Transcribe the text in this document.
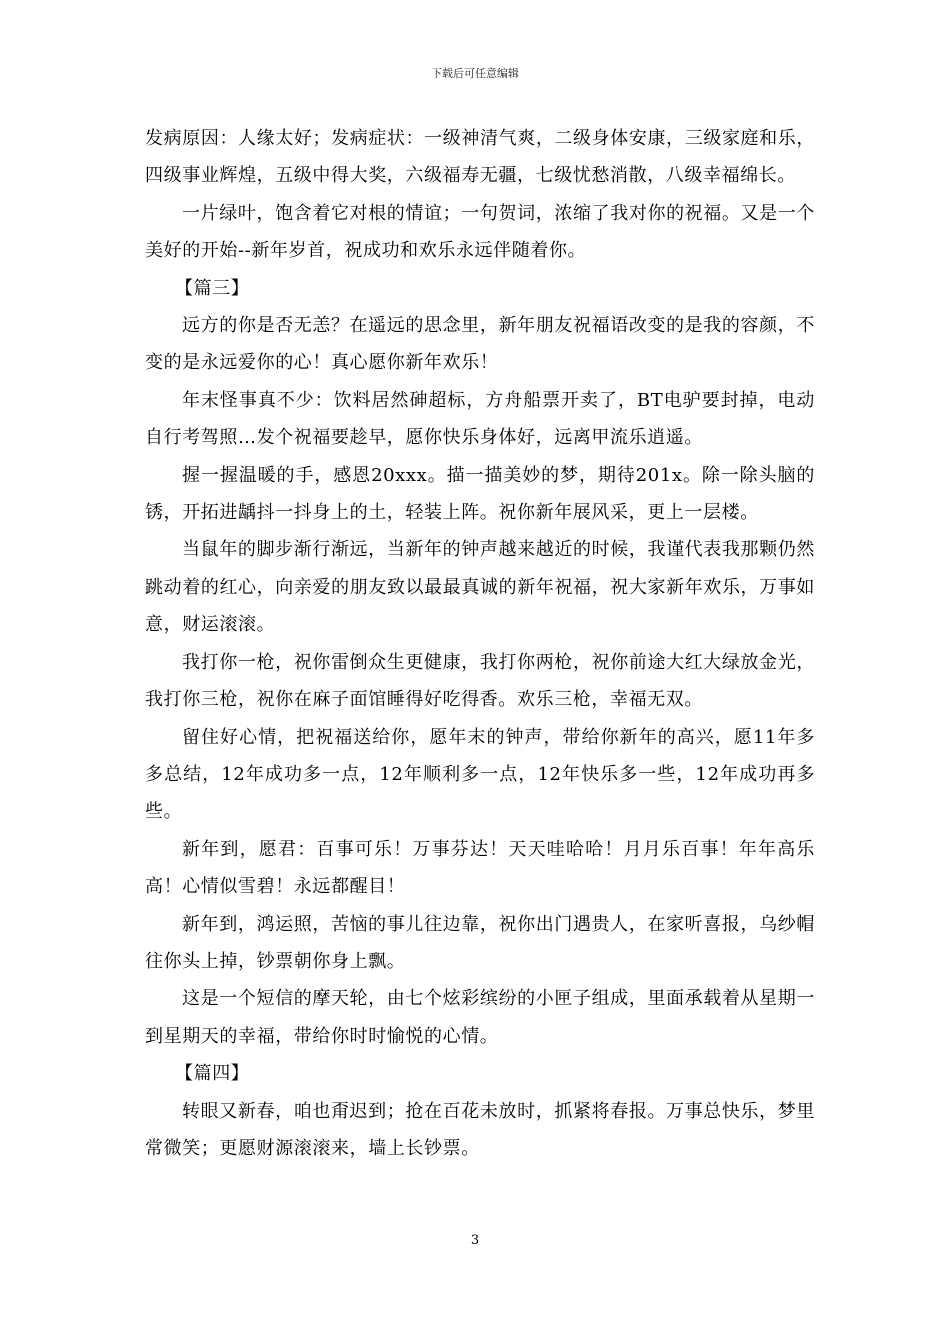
下载后可任意编辑

发病原因：人缘太好；发病症状：一级神清气爽，二级身体安康，三级家庭和乐，四级事业辉煌，五级中得大奖，六级福寿无疆，七级忧愁消散，八级幸福绵长。

一片绿叶，饱含着它对根的情谊；一句贺词，浓缩了我对你的祝福。又是一个美好的开始--新年岁首，祝成功和欢乐永远伴随着你。

【篇三】

远方的你是否无恙？在遥远的思念里，新年朋友祝福语改变的是我的容颜，不变的是永远爱你的心！真心愿你新年欢乐！

年末怪事真不少：饮料居然砷超标，方舟船票开卖了，BT电驴要封掉，电动自行考驾照…发个祝福要趁早，愿你快乐身体好，远离甲流乐逍遥。

握一握温暖的手，感恩20xxx。描一描美妙的梦，期待201x。除一除头脑的锈，开拓进龋抖一抖身上的土，轻装上阵。祝你新年展风采，更上一层楼。

当鼠年的脚步渐行渐远，当新年的钟声越来越近的时候，我谨代表我那颗仍然跳动着的红心，向亲爱的朋友致以最最真诚的新年祝福，祝大家新年欢乐，万事如意，财运滚滚。

我打你一枪，祝你雷倒众生更健康，我打你两枪，祝你前途大红大绿放金光，我打你三枪，祝你在麻子面馆睡得好吃得香。欢乐三枪，幸福无双。

留住好心情，把祝福送给你，愿年末的钟声，带给你新年的高兴，愿11年多多总结，12年成功多一点，12年顺利多一点，12年快乐多一些，12年成功再多些。

新年到，愿君：百事可乐！万事芬达！天天哇哈哈！月月乐百事！年年高乐高！心情似雪碧！永远都醒目！

新年到，鸿运照，苦恼的事儿往边靠，祝你出门遇贵人，在家听喜报，乌纱帽往你头上掉，钞票朝你身上飘。

这是一个短信的摩天轮，由七个炫彩缤纷的小匣子组成，里面承载着从星期一到星期天的幸福，带给你时时愉悦的心情。

【篇四】

转眼又新春，咱也甭迟到；抢在百花未放时，抓紧将春报。万事总快乐，梦里常微笑；更愿财源滚滚来，墙上长钞票。

3
